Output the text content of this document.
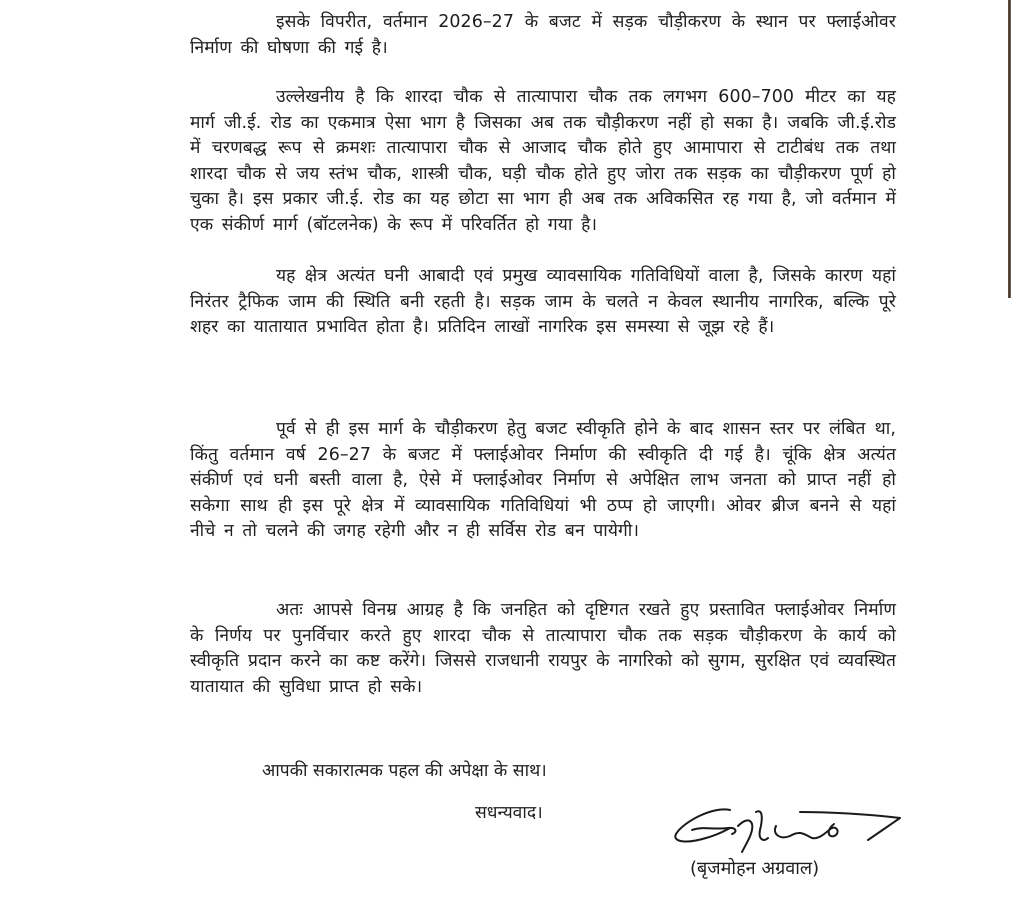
इसके विपरीत, वर्तमान 2026–27 के बजट में सड़क चौड़ीकरण के स्थान पर फ्लाईओवर निर्माण की घोषणा की गई है।

उल्लेखनीय है कि शारदा चौक से तात्यापारा चौक तक लगभग 600–700 मीटर का यह मार्ग जी.ई. रोड का एकमात्र ऐसा भाग है जिसका अब तक चौड़ीकरण नहीं हो सका है। जबकि जी.ई.रोड में चरणबद्ध रूप से क्रमशः तात्यापारा चौक से आजाद चौक होते हुए आमापारा से टाटीबंध तक तथा शारदा चौक से जय स्तंभ चौक, शास्त्री चौक, घड़ी चौक होते हुए जोरा तक सड़क का चौड़ीकरण पूर्ण हो चुका है। इस प्रकार जी.ई. रोड का यह छोटा सा भाग ही अब तक अविकसित रह गया है, जो वर्तमान में एक संकीर्ण मार्ग (बॉटलनेक) के रूप में परिवर्तित हो गया है।

यह क्षेत्र अत्यंत घनी आबादी एवं प्रमुख व्यावसायिक गतिविधियों वाला है, जिसके कारण यहां निरंतर ट्रैफिक जाम की स्थिति बनी रहती है। सड़क जाम के चलते न केवल स्थानीय नागरिक, बल्कि पूरे शहर का यातायात प्रभावित होता है। प्रतिदिन लाखों नागरिक इस समस्या से जूझ रहे हैं।

पूर्व से ही इस मार्ग के चौड़ीकरण हेतु बजट स्वीकृति होने के बाद शासन स्तर पर लंबित था, किंतु वर्तमान वर्ष 26–27 के बजट में फ्लाईओवर निर्माण की स्वीकृति दी गई है। चूंकि क्षेत्र अत्यंत संकीर्ण एवं घनी बस्ती वाला है, ऐसे में फ्लाईओवर निर्माण से अपेक्षित लाभ जनता को प्राप्त नहीं हो सकेगा साथ ही इस पूरे क्षेत्र में व्यावसायिक गतिविधियां भी ठप्प हो जाएगी। ओवर ब्रीज बनने से यहां नीचे न तो चलने की जगह रहेगी और न ही सर्विस रोड बन पायेगी।

अतः आपसे विनम्र आग्रह है कि जनहित को दृष्टिगत रखते हुए प्रस्तावित फ्लाईओवर निर्माण के निर्णय पर पुनर्विचार करते हुए शारदा चौक से तात्यापारा चौक तक सड़क चौड़ीकरण के कार्य को स्वीकृति प्रदान करने का कष्ट करेंगे। जिससे राजधानी रायपुर के नागरिको को सुगम, सुरक्षित एवं व्यवस्थित यातायात की सुविधा प्राप्त हो सके।

आपकी सकारात्मक पहल की अपेक्षा के साथ।

सधन्यवाद।

(बृजमोहन अग्रवाल)
